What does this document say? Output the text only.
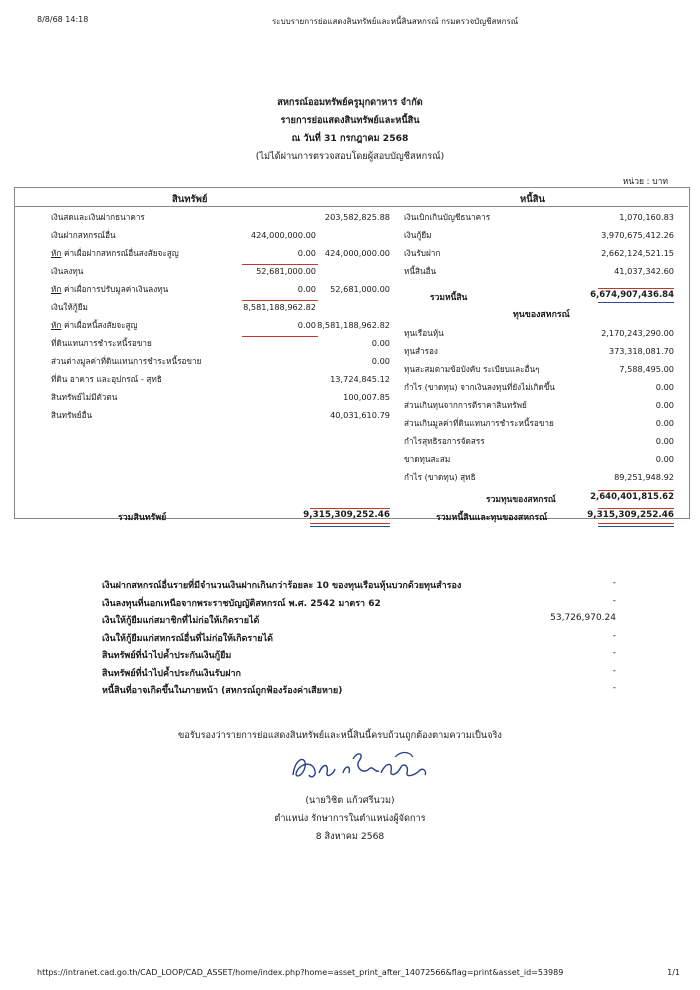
8/8/68 14:18	ระบบรายการย่อแสดงสินทรัพย์และหนี้สินสหกรณ์ กรมตรวจบัญชีสหกรณ์
สหกรณ์ออมทรัพย์ครูมุกดาหาร จำกัด
รายการย่อแสดงสินทรัพย์และหนี้สิน
ณ วันที่ 31 กรกฎาคม 2568
(ไม่ได้ผ่านการตรวจสอบโดยผู้สอบบัญชีสหกรณ์)
หน่วย : บาท
สินทรัพย์	หนี้สิน
เงินสดและเงินฝากธนาคาร	203,582,825.88
เงินฝากสหกรณ์อื่น	424,000,000.00
หัก ค่าเผื่อฝากสหกรณ์อื่นสงสัยจะสูญ	0.00	424,000,000.00
เงินลงทุน	52,681,000.00
หัก ค่าเผื่อการปรับมูลค่าเงินลงทุน	0.00	52,681,000.00
เงินให้กู้ยืม	8,581,188,962.82
หัก ค่าเผื่อหนี้สงสัยจะสูญ	0.00 8,581,188,962.82
ที่ดินแทนการชำระหนี้รอขาย	0.00
ส่วนต่างมูลค่าที่ดินแทนการชำระหนี้รอขาย	0.00
ที่ดิน อาคาร และอุปกรณ์ - สุทธิ	13,724,845.12
สินทรัพย์ไม่มีตัวตน	100,007.85
สินทรัพย์อื่น	40,031,610.79
เงินเบิกเกินบัญชีธนาคาร	1,070,160.83
เงินกู้ยืม	3,970,675,412.26
เงินรับฝาก	2,662,124,521.15
หนี้สินอื่น	41,037,342.60
ทุนเรือนหุ้น	2,170,243,290.00
ทุนสำรอง	373,318,081.70
ทุนสะสมตามข้อบังคับ ระเบียบและอื่นๆ	7,588,495.00
กำไร (ขาดทุน) จากเงินลงทุนที่ยังไม่เกิดขึ้น	0.00
ส่วนเกินทุนจากการตีราคาสินทรัพย์	0.00
ส่วนเกินมูลค่าที่ดินแทนการชำระหนี้รอขาย	0.00
กำไรสุทธิรอการจัดสรร	0.00
ขาดทุนสะสม	0.00
กำไร (ขาดทุน) สุทธิ	89,251,948.92
รวมสินทรัพย์	9,315,309,252.46
รวมหนี้สิน	6,674,907,436.84
ทุนของสหกรณ์
รวมทุนของสหกรณ์	2,640,401,815.62
รวมหนี้สินและทุนของสหกรณ์	9,315,309,252.46
เงินฝากสหกรณ์อื่นรายที่มีจำนวนเงินฝากเกินกว่าร้อยละ 10 ของทุนเรือนหุ้นบวกด้วยทุนสำรอง	-
เงินลงทุนที่นอกเหนือจากพระราชบัญญัติสหกรณ์ พ.ศ. 2542 มาตรา 62	-
เงินให้กู้ยืมแก่สมาชิกที่ไม่ก่อให้เกิดรายได้	53,726,970.24
เงินให้กู้ยืมแก่สหกรณ์อื่นที่ไม่ก่อให้เกิดรายได้	-
สินทรัพย์ที่นำไปค้ำประกันเงินกู้ยืม	-
สินทรัพย์ที่นำไปค้ำประกันเงินรับฝาก	-
หนี้สินที่อาจเกิดขึ้นในภายหน้า (สหกรณ์ถูกฟ้องร้องค่าเสียหาย)	-
ขอรับรองว่ารายการย่อแสดงสินทรัพย์และหนี้สินนี้ครบถ้วนถูกต้องตามความเป็นจริง
(นายวิชิต แก้วศรีนวม)
ตำแหน่ง รักษาการในตำแหน่งผู้จัดการ
8 สิงหาคม 2568
https://intranet.cad.go.th/CAD_LOOP/CAD_ASSET/home/index.php?home=asset_print_after_14072566&flag=print&asset_id=53989	1/1
